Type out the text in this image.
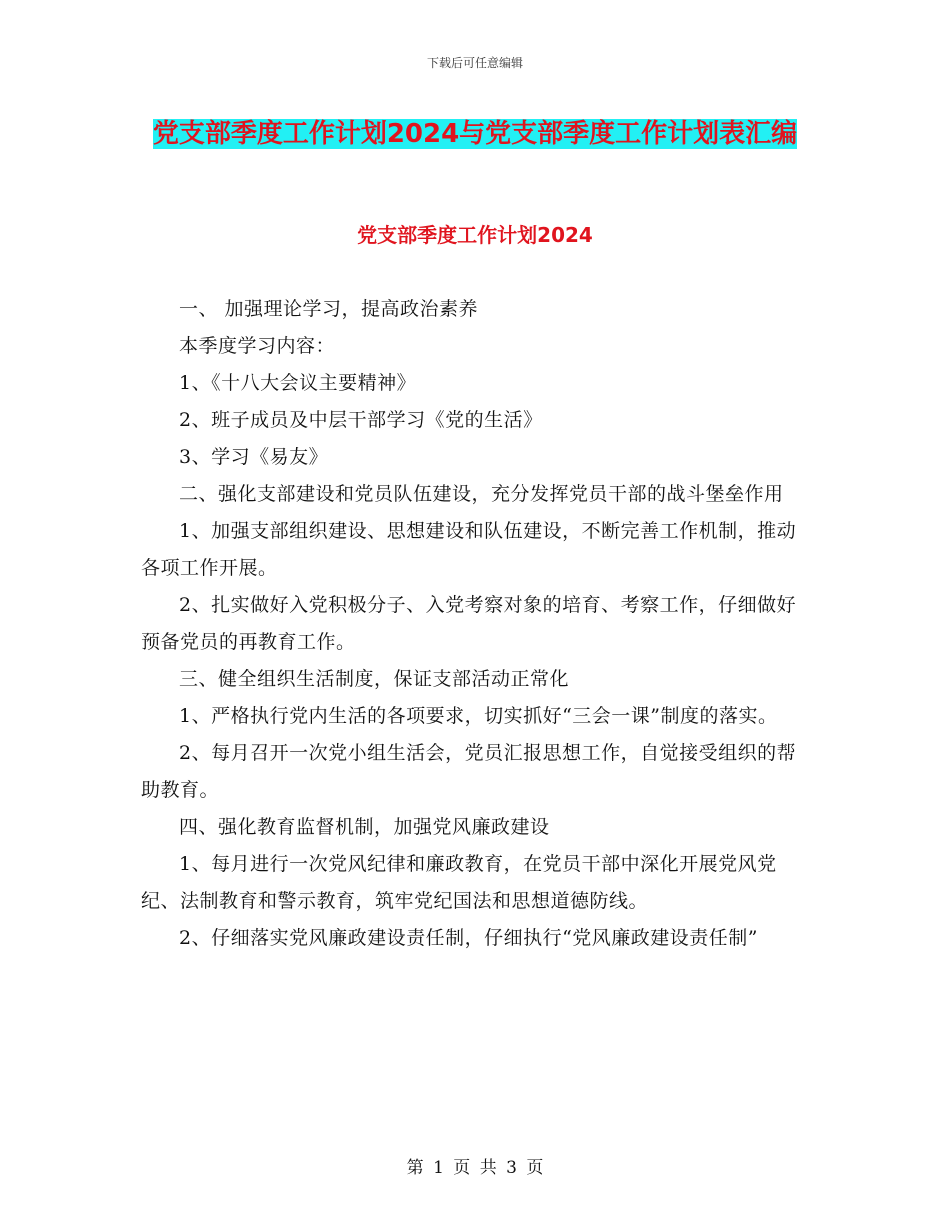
下载后可任意编辑
党支部季度工作计划2024与党支部季度工作计划表汇编
党支部季度工作计划2024

一、 加强理论学习，提高政治素养

本季度学习内容：

1、《十八大会议主要精神》

2、班子成员及中层干部学习《党的生活》

3、学习《易友》

二、强化支部建设和党员队伍建设，充分发挥党员干部的战斗堡垒作用

1、加强支部组织建设、思想建设和队伍建设，不断完善工作机制，推动各项工作开展。

2、扎实做好入党积极分子、入党考察对象的培育、考察工作，仔细做好预备党员的再教育工作。

三、健全组织生活制度，保证支部活动正常化

1、严格执行党内生活的各项要求，切实抓好“三会一课”制度的落实。

2、每月召开一次党小组生活会，党员汇报思想工作，自觉接受组织的帮助教育。

四、强化教育监督机制，加强党风廉政建设

1、每月进行一次党风纪律和廉政教育，在党员干部中深化开展党风党纪、法制教育和警示教育，筑牢党纪国法和思想道德防线。

2、仔细落实党风廉政建设责任制，仔细执行“党风廉政建设责任制”

第 1 页 共 3 页
